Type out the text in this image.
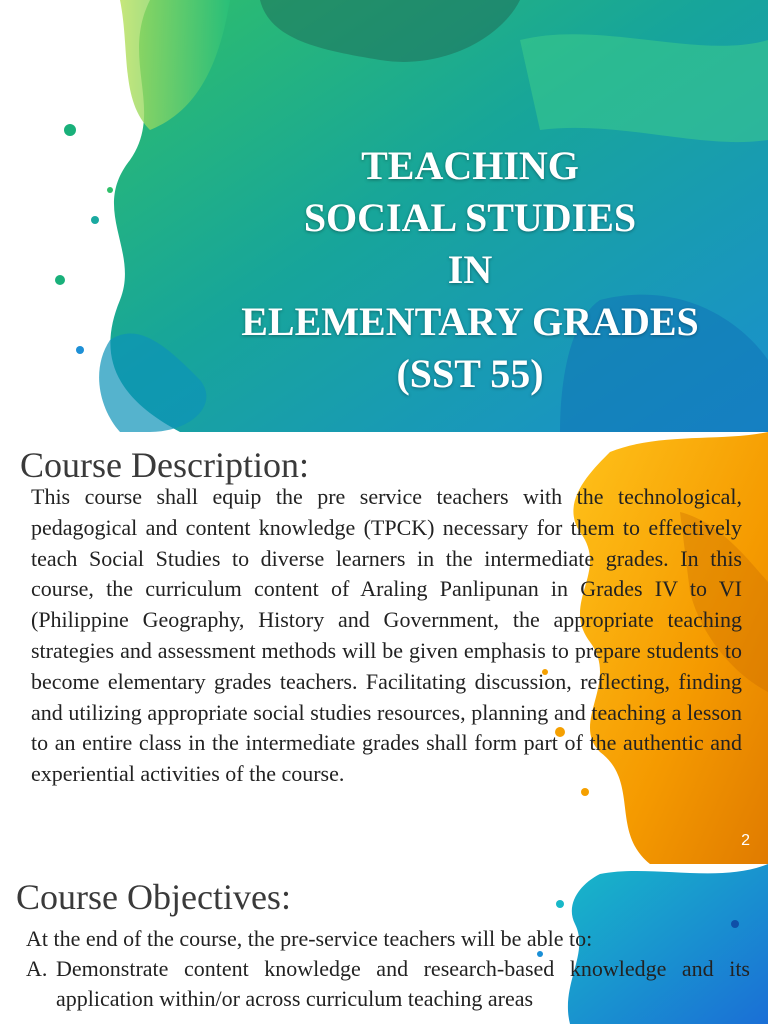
TEACHING
SOCIAL STUDIES
IN
ELEMENTARY GRADES
(SST 55)
Course Description:
This course shall equip the pre service teachers with the technological, pedagogical and content knowledge (TPCK) necessary for them to effectively teach Social Studies to diverse learners in the intermediate grades. In this course, the curriculum content of Araling Panlipunan in Grades IV to VI (Philippine Geography, History and Government, the appropriate teaching strategies and assessment methods will be given emphasis to prepare students to become elementary grades teachers. Facilitating discussion, reflecting, finding and utilizing appropriate social studies resources, planning and teaching a lesson to an entire class in the intermediate grades shall form part of the authentic and experiential activities of the course.
2
Course Objectives:

At the end of the course, the pre-service teachers will be able to:

A. Demonstrate content knowledge and research-based knowledge and its application within/or across curriculum teaching areas
